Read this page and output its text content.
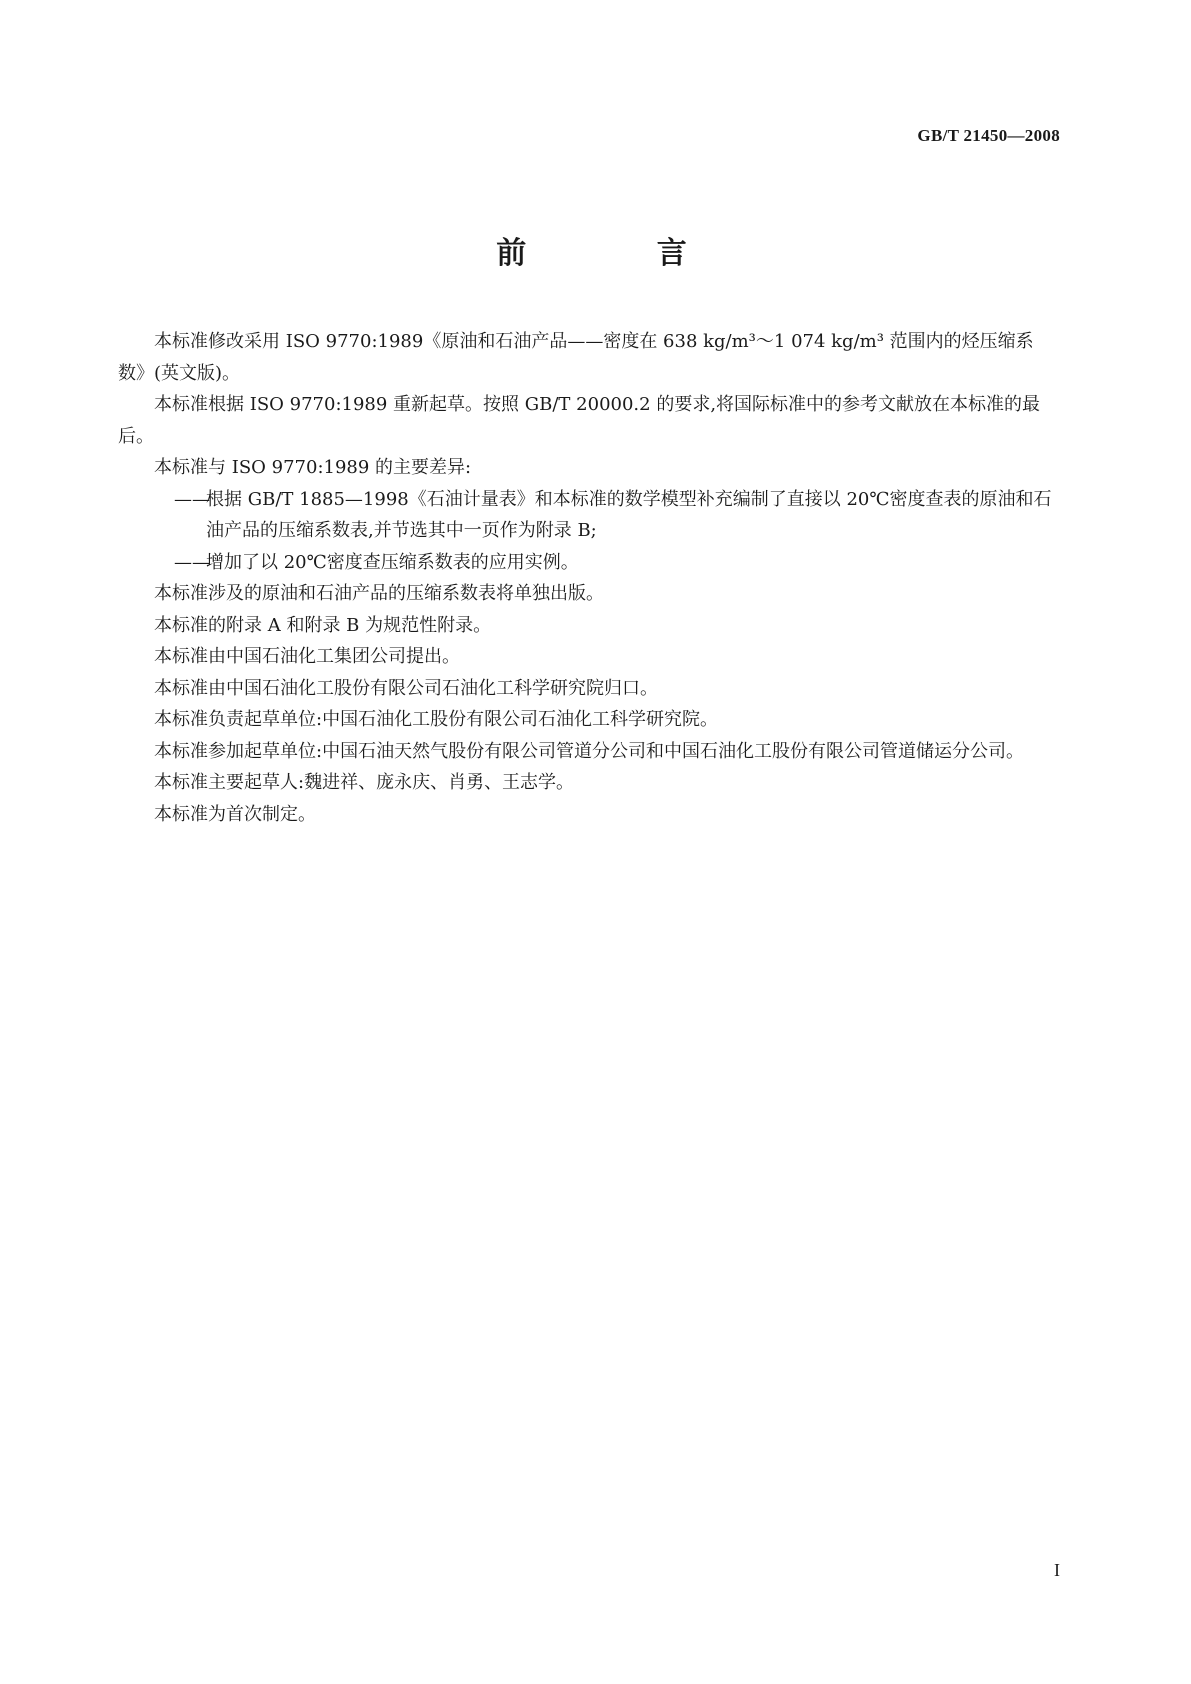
GB/T 21450—2008
前 言

本标准修改采用 ISO 9770:1989《原油和石油产品——密度在 638 kg/m³～1 074 kg/m³ 范围内的烃压缩系数》(英文版)。

本标准根据 ISO 9770:1989 重新起草。按照 GB/T 20000.2 的要求,将国际标准中的参考文献放在本标准的最后。

本标准与 ISO 9770:1989 的主要差异:

——根据 GB/T 1885—1998《石油计量表》和本标准的数学模型补充编制了直接以 20℃密度查表的原油和石油产品的压缩系数表,并节选其中一页作为附录 B;

——增加了以 20℃密度查压缩系数表的应用实例。

本标准涉及的原油和石油产品的压缩系数表将单独出版。

本标准的附录 A 和附录 B 为规范性附录。

本标准由中国石油化工集团公司提出。

本标准由中国石油化工股份有限公司石油化工科学研究院归口。

本标准负责起草单位:中国石油化工股份有限公司石油化工科学研究院。

本标准参加起草单位:中国石油天然气股份有限公司管道分公司和中国石油化工股份有限公司管道储运分公司。

本标准主要起草人:魏进祥、庞永庆、肖勇、王志学。

本标准为首次制定。

I
